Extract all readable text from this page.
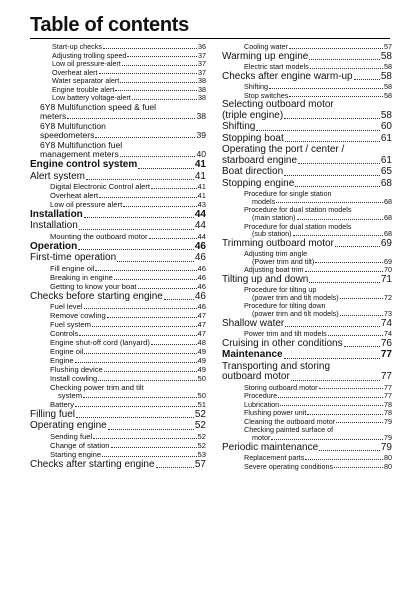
Table of contents
Start-up checks	36
Adjusting trolling speed	37
Low oil pressure-alert	37
Overheat alert	37
Water separator alert	38
Engine trouble alert	38
Low battery voltage-alert	38
6Y8 Multifunction speed & fuel
meters	38
6Y8 Multifunction
speedometers	39
6Y8 Multifunction fuel
management meters	40
Engine control system	41
Alert system	41
Digital Electronic Control alert	41
Overheat alert	41
Low oil pressure alert	43
Installation	44
Installation	44
Mounting the outboard motor	44
Operation	46
First-time operation	46
Fill engine oil	46
Breaking in engine	46
Getting to know your boat	46
Checks before starting engine	46
Fuel level	46
Remove cowling	47
Fuel system	47
Controls	47
Engine shut-off cord (lanyard)	48
Engine oil	49
Engine	49
Flushing device	49
Install cowling	50
Checking power trim and tilt
system	50
Battery	51
Filling fuel	52
Operating engine	52
Sending fuel	52
Change of station	52
Starting engine	53
Checks after starting engine	57
Cooling water	57
Warming up engine	58
Electric start models	58
Checks after engine warm-up	58
Shifting	58
Stop switches	58
Selecting outboard motor
(triple engine)	58
Shifting	60
Stopping boat	61
Operating the port / center /
starboard engine	61
Boat direction	65
Stopping engine	68
Procedure for single station
models	68
Procedure for dual station models
(main station)	68
Procedure for dual station models
(sub station)	68
Trimming outboard motor	69
Adjusting trim angle
(Power trim and tilt)	69
Adjusting boat trim	70
Tilting up and down	71
Procedure for tilting up
(power trim and tilt models)	72
Procedure for tilting down
(power trim and tilt models)	73
Shallow water	74
Power trim and tilt models	74
Cruising in other conditions	76
Maintenance	77
Transporting and storing
outboard motor	77
Storing outboard motor	77
Procedure	77
Lubrication	78
Flushing power unit	78
Cleaning the outboard motor	79
Checking painted surface of
motor	79
Periodic maintenance	79
Replacement parts	80
Severe operating conditions	80
